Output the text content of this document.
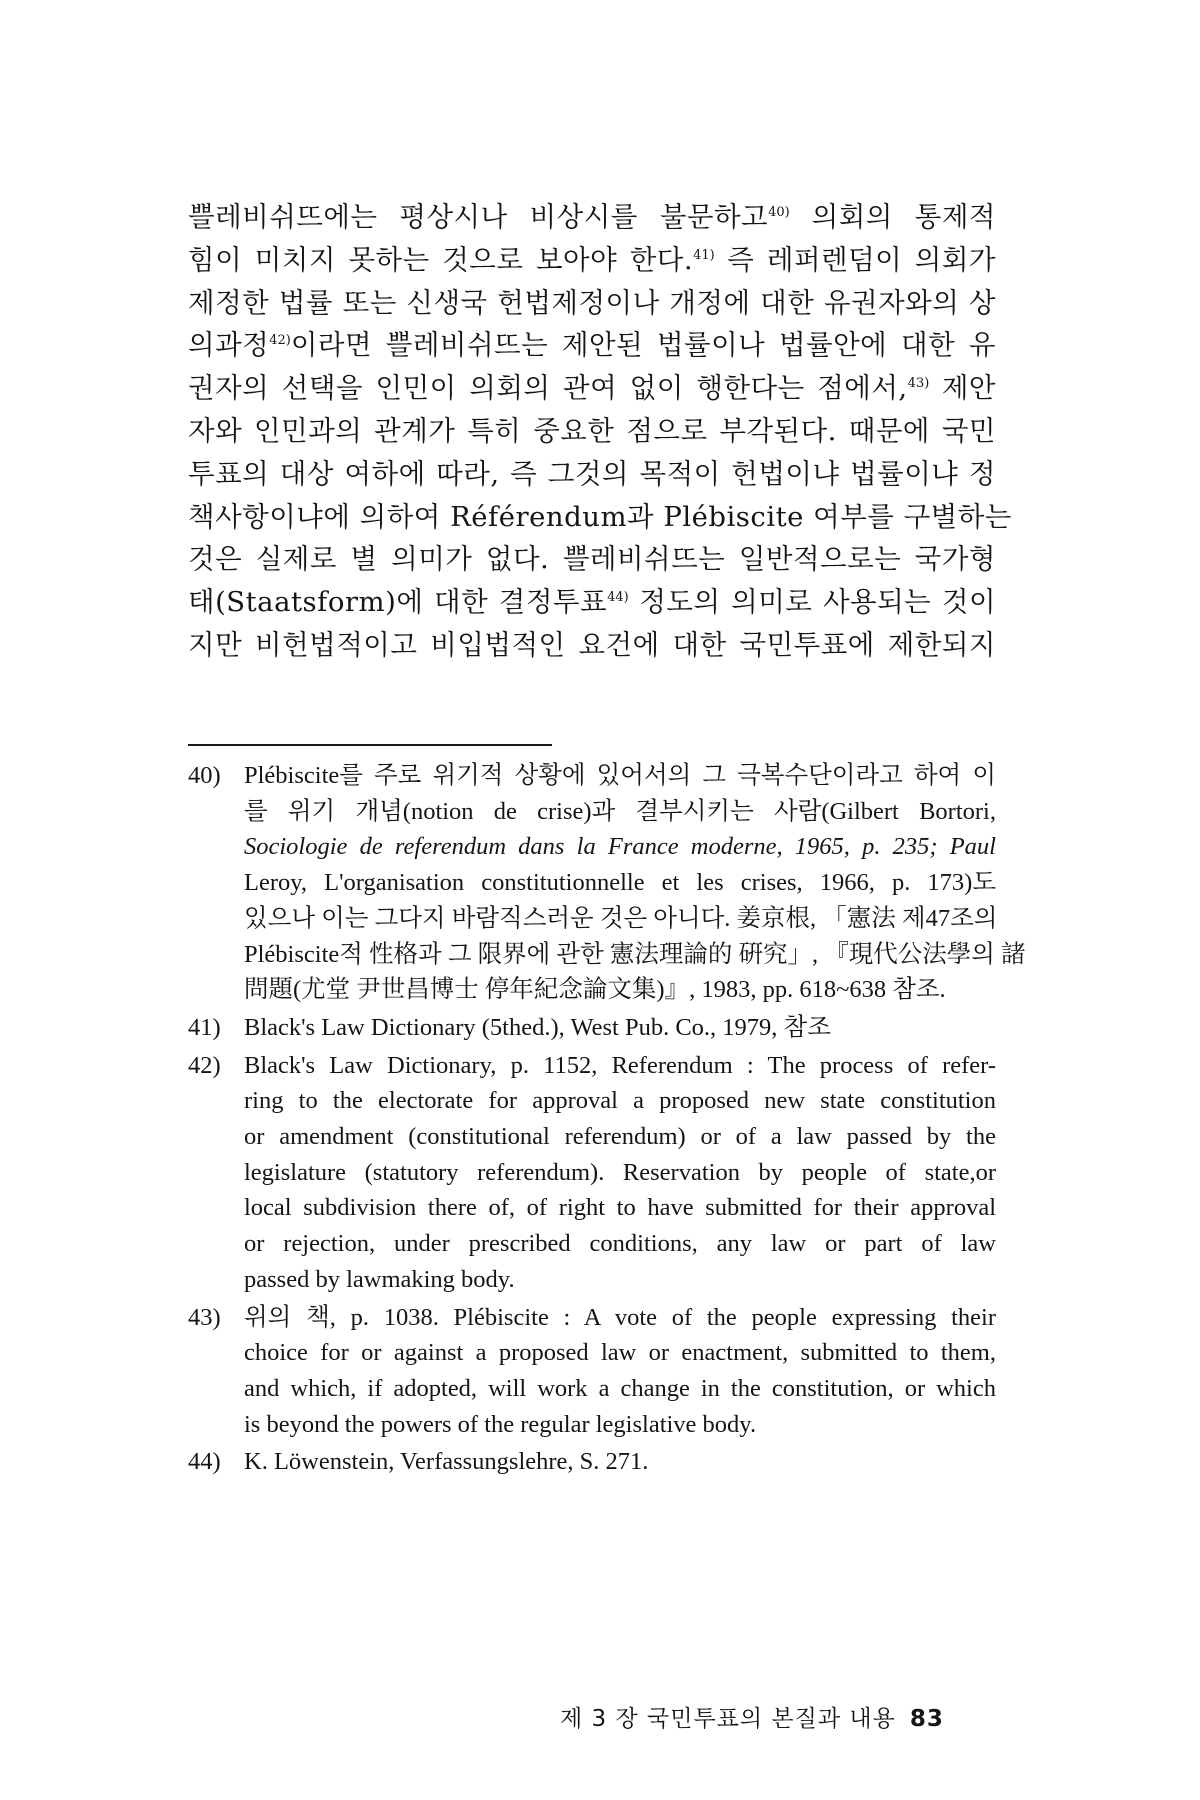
쁠레비쉬뜨에는 평상시나 비상시를 불문하고$^{40)}$ 의회의 통제적
힘이 미치지 못하는 것으로 보아야 한다.$^{41)}$ 즉 레퍼렌덤이 의회가
제정한 법률 또는 신생국 헌법제정이나 개정에 대한 유권자와의 상
의과정$^{42)}$이라면 쁠레비쉬뜨는 제안된 법률이나 법률안에 대한 유
권자의 선택을 인민이 의회의 관여 없이 행한다는 점에서,$^{43)}$ 제안
자와 인민과의 관계가 특히 중요한 점으로 부각된다. 때문에 국민
투표의 대상 여하에 따라, 즉 그것의 목적이 헌법이냐 법률이냐 정
책사항이냐에 의하여 Référendum과 Plébiscite 여부를 구별하는
것은 실제로 별 의미가 없다. 쁠레비쉬뜨는 일반적으로는 국가형
태(Staatsform)에 대한 결정투표$^{44)}$ 정도의 의미로 사용되는 것이
지만 비헌법적이고 비입법적인 요건에 대한 국민투표에 제한되지
40) Plébiscite를 주로 위기적 상황에 있어서의 그 극복수단이라고 하여 이
를 위기 개념(notion de crise)과 결부시키는 사람(Gilbert Bortori,
Sociologie de referendum dans la France moderne, 1965, p. 235; Paul
Leroy, L'organisation constitutionnelle et les crises, 1966, p. 173)도
있으나 이는 그다지 바람직스러운 것은 아니다. 姜京根, 「憲法 제47조의
Plébiscite적 性格과 그 限界에 관한 憲法理論的 硏究」, 『現代公法學의 諸
問題(尤堂 尹世昌博士 停年紀念論文集)』, 1983, pp. 618~638 참조.
41) Black's Law Dictionary (5thed.), West Pub. Co., 1979, 참조
42) Black's Law Dictionary, p. 1152, Referendum : The process of refer-
ring to the electorate for approval a proposed new state constitution
or amendment (constitutional referendum) or of a law passed by the
legislature (statutory referendum). Reservation by people of state,or
local subdivision there of, of right to have submitted for their approval
or rejection, under prescribed conditions, any law or part of law
passed by lawmaking body.
43) 위의 책, p. 1038. Plébiscite : A vote of the people expressing their
choice for or against a proposed law or enactment, submitted to them,
and which, if adopted, will work a change in the constitution, or which
is beyond the powers of the regular legislative body.
44) K. Löwenstein, Verfassungslehre, S. 271.
제 3 장 국민투표의 본질과 내용 83
